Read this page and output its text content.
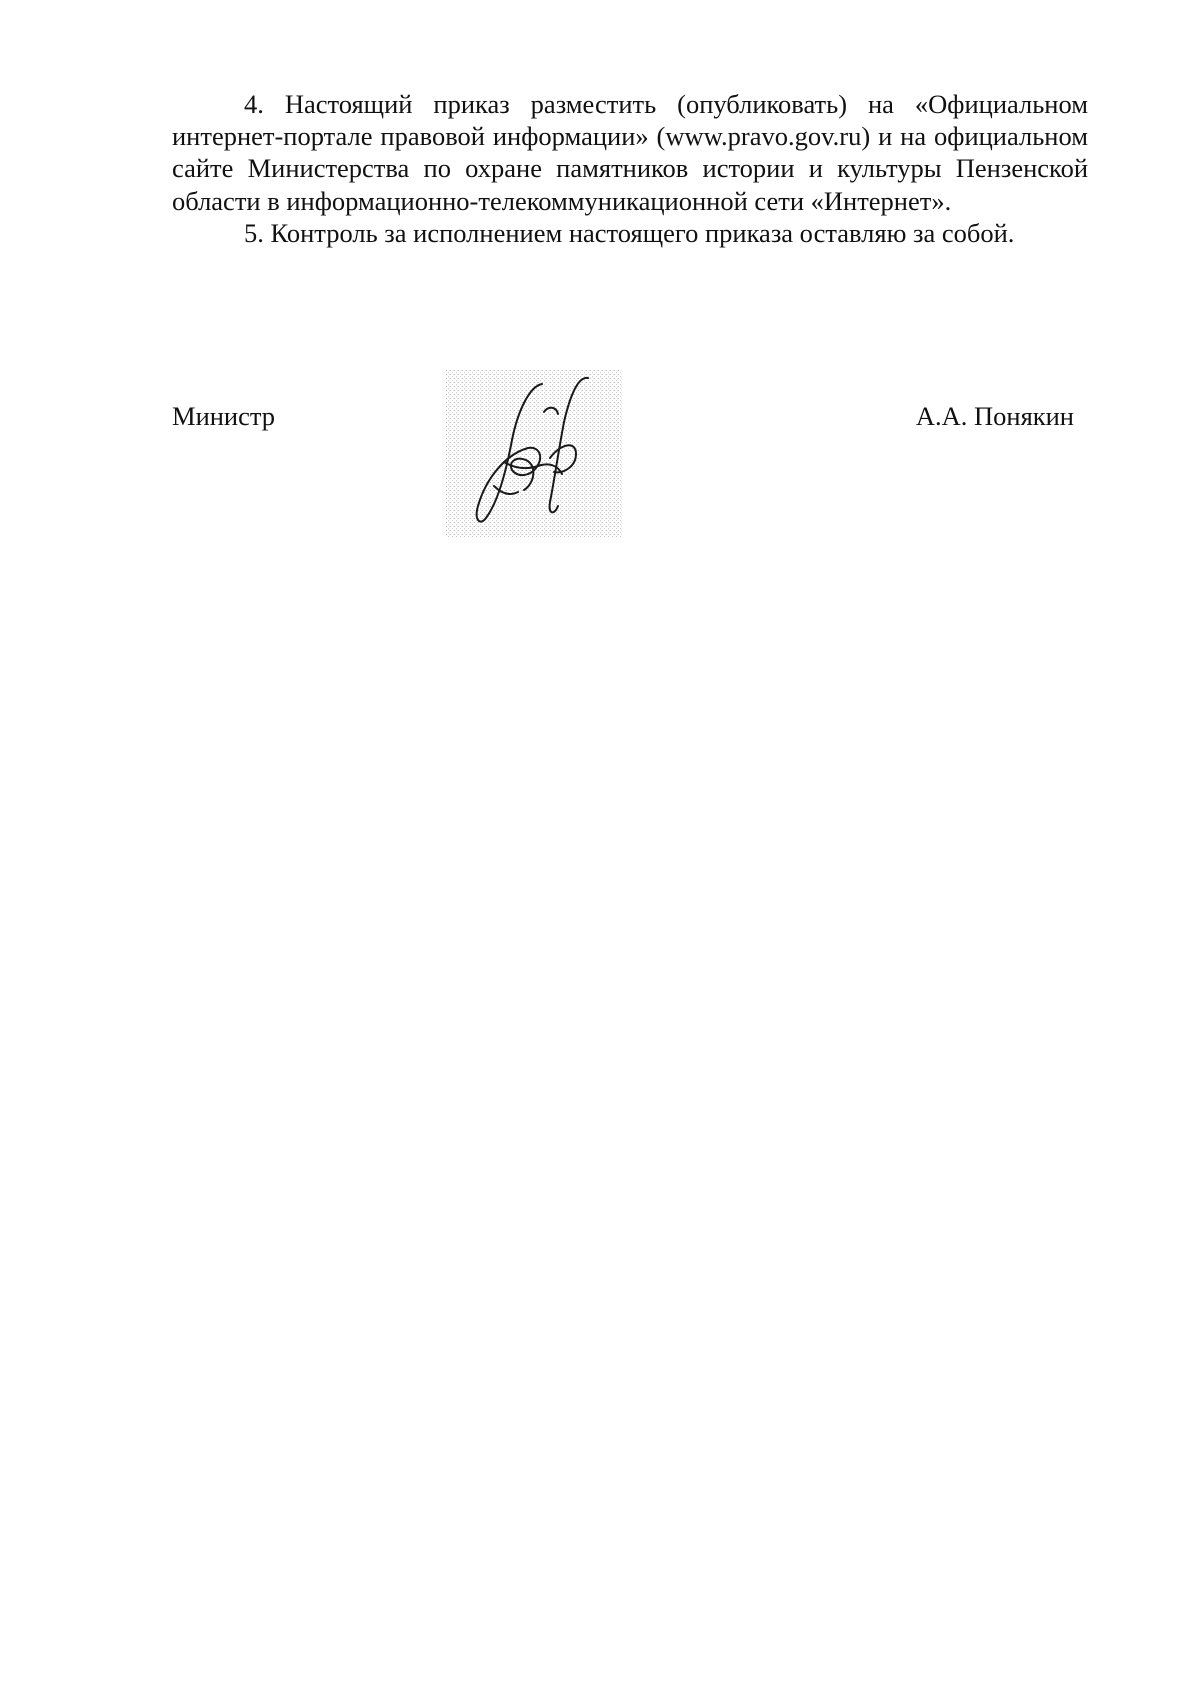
4. Настоящий приказ разместить (опубликовать) на «Официальном интернет-портале правовой информации» (www.pravo.gov.ru) и на официальном сайте Министерства по охране памятников истории и культуры Пензенской области в информационно-телекоммуникационной сети «Интернет».

5. Контроль за исполнением настоящего приказа оставляю за собой.

Министр	А.А. Понякин
